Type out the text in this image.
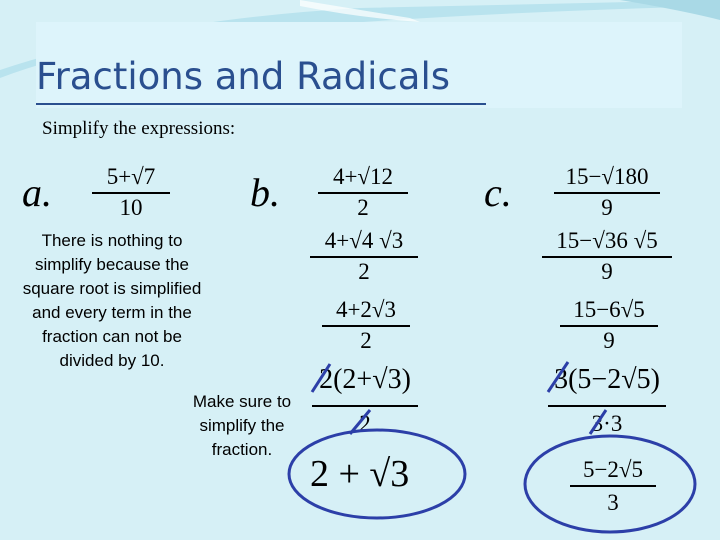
Fractions and Radicals
Simplify the expressions:
a.	5+√7
10
There is nothing to simplify because the square root is simplified and every term in the fraction can not be divided by 10.
b.	4+√12
2
4+√4 √3
2
4+2√3
2
2(2+√3)
2
Make sure to simplify the fraction.
2 + √3
c.	15−√180
9
15−√36 √5
9
15−6√5
9
3(5−2√5)
3·3
5−2√5
3
